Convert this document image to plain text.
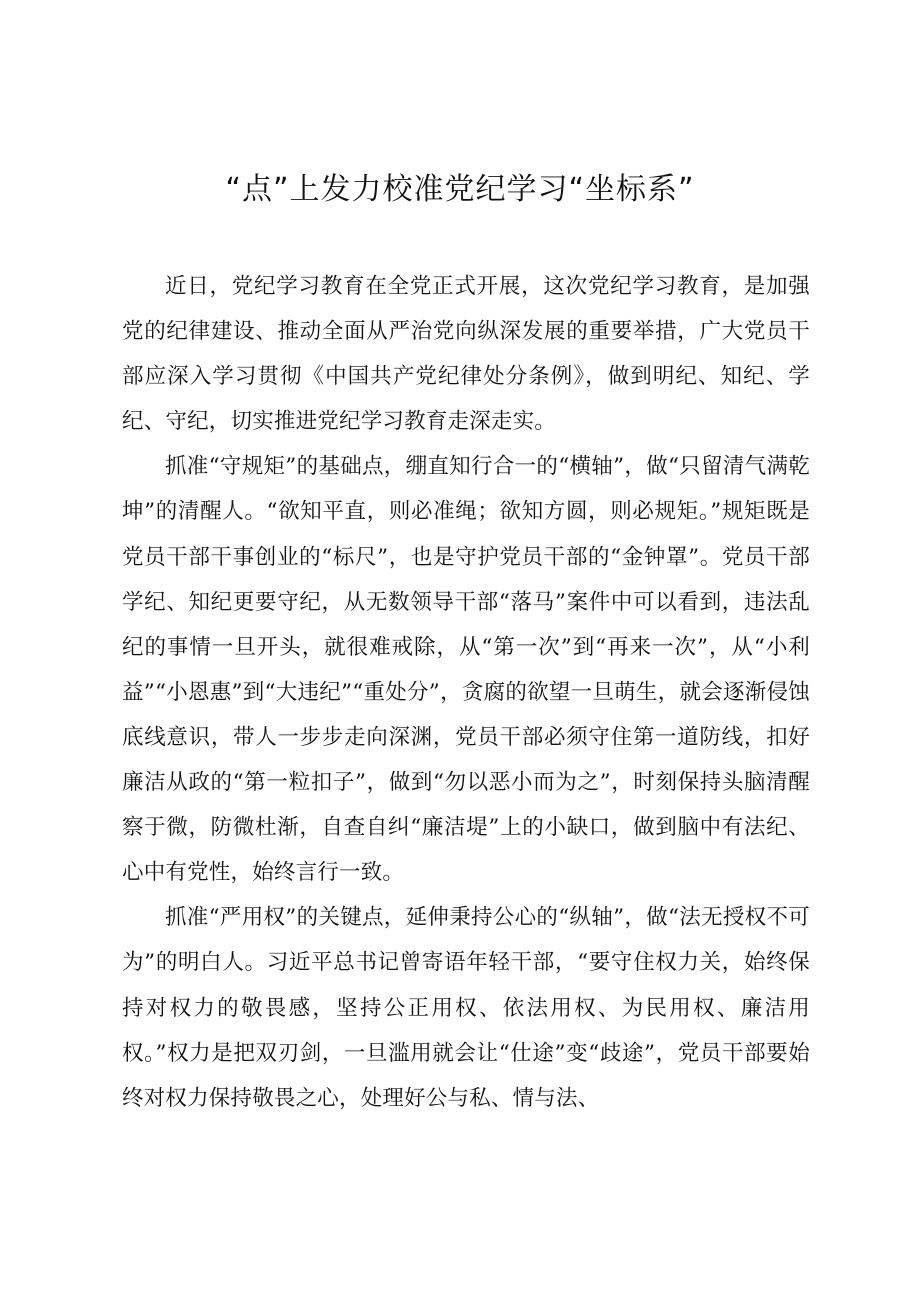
“点”上发力校准党纪学习“坐标系”

近日，党纪学习教育在全党正式开展，这次党纪学习教育，是加强党的纪律建设、推动全面从严治党向纵深发展的重要举措，广大党员干部应深入学习贯彻《中国共产党纪律处分条例》，做到明纪、知纪、学纪、守纪，切实推进党纪学习教育走深走实。

抓准“守规矩”的基础点，绷直知行合一的“横轴”，做“只留清气满乾坤”的清醒人。“欲知平直，则必准绳；欲知方圆，则必规矩。”规矩既是党员干部干事创业的“标尺”，也是守护党员干部的“金钟罩”。党员干部学纪、知纪更要守纪，从无数领导干部“落马”案件中可以看到，违法乱纪的事情一旦开头，就很难戒除，从“第一次”到“再来一次”，从“小利益”“小恩惠”到“大违纪”“重处分”，贪腐的欲望一旦萌生，就会逐渐侵蚀底线意识，带人一步步走向深渊，党员干部必须守住第一道防线，扣好廉洁从政的“第一粒扣子”，做到“勿以恶小而为之”，时刻保持头脑清醒察于微，防微杜渐，自查自纠“廉洁堤”上的小缺口，做到脑中有法纪、心中有党性，始终言行一致。

抓准“严用权”的关键点，延伸秉持公心的“纵轴”，做“法无授权不可为”的明白人。习近平总书记曾寄语年轻干部，“要守住权力关，始终保持对权力的敬畏感，坚持公正用权、依法用权、为民用权、廉洁用权。”权力是把双刃剑，一旦滥用就会让“仕途”变“歧途”，党员干部要始终对权力保持敬畏之心，处理好公与私、情与法、
